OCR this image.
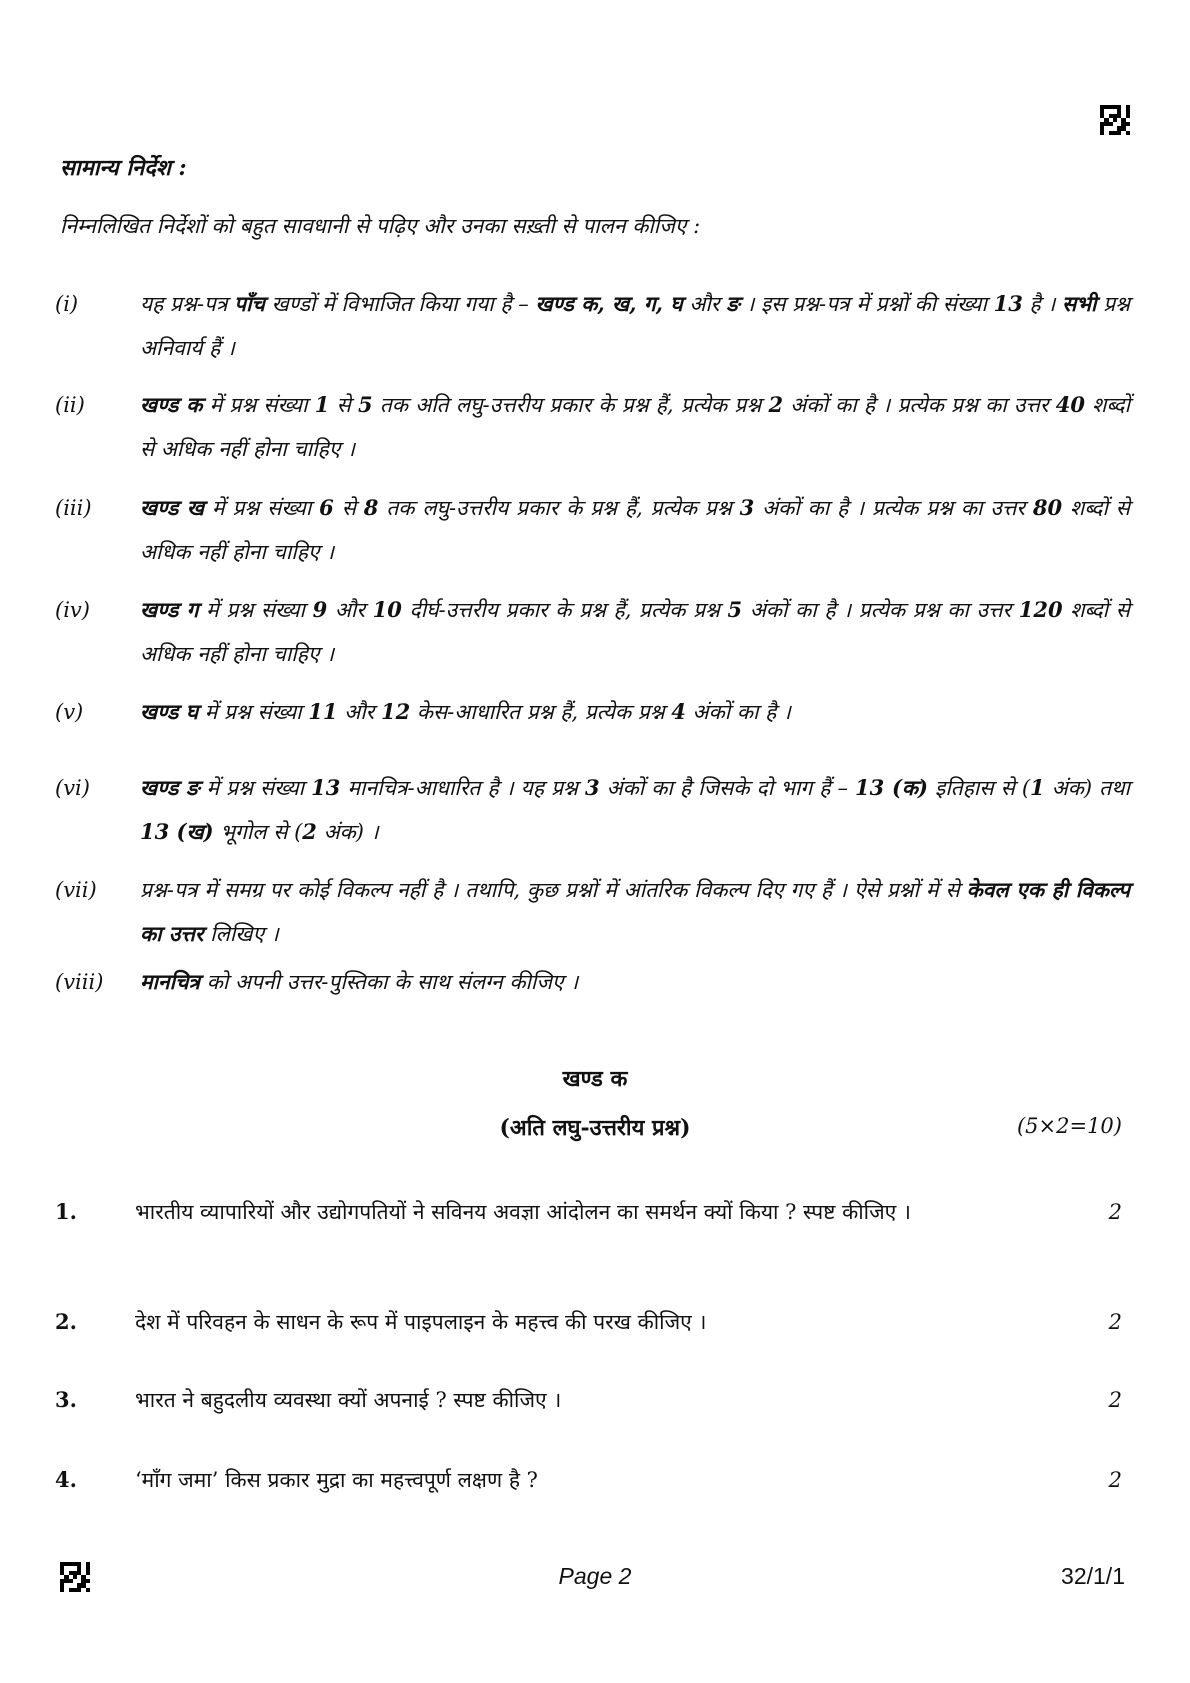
सामान्य निर्देश :
निम्नलिखित निर्देशों को बहुत सावधानी से पढ़िए और उनका सख़्ती से पालन कीजिए :
(i)	यह प्रश्न-पत्र पाँच खण्डों में विभाजित किया गया है – खण्ड क, ख, ग, घ और ङ । इस प्रश्न-पत्र में प्रश्नों की संख्या 13 है । सभी प्रश्न अनिवार्य हैं ।
(ii)	खण्ड क में प्रश्न संख्या 1 से 5 तक अति लघु-उत्तरीय प्रकार के प्रश्न हैं, प्रत्येक प्रश्न 2 अंकों का है । प्रत्येक प्रश्न का उत्तर 40 शब्दों से अधिक नहीं होना चाहिए ।
(iii)	खण्ड ख में प्रश्न संख्या 6 से 8 तक लघु-उत्तरीय प्रकार के प्रश्न हैं, प्रत्येक प्रश्न 3 अंकों का है । प्रत्येक प्रश्न का उत्तर 80 शब्दों से अधिक नहीं होना चाहिए ।
(iv)	खण्ड ग में प्रश्न संख्या 9 और 10 दीर्घ-उत्तरीय प्रकार के प्रश्न हैं, प्रत्येक प्रश्न 5 अंकों का है । प्रत्येक प्रश्न का उत्तर 120 शब्दों से अधिक नहीं होना चाहिए ।
(v)	खण्ड घ में प्रश्न संख्या 11 और 12 केस-आधारित प्रश्न हैं, प्रत्येक प्रश्न 4 अंकों का है ।
(vi)	खण्ड ङ में प्रश्न संख्या 13 मानचित्र-आधारित है । यह प्रश्न 3 अंकों का है जिसके दो भाग हैं – 13 (क) इतिहास से (1 अंक) तथा 13 (ख) भूगोल से (2 अंक) ।
(vii)	प्रश्न-पत्र में समग्र पर कोई विकल्प नहीं है । तथापि, कुछ प्रश्नों में आंतरिक विकल्प दिए गए हैं । ऐसे प्रश्नों में से केवल एक ही विकल्प का उत्तर लिखिए ।
(viii)	मानचित्र को अपनी उत्तर-पुस्तिका के साथ संलग्न कीजिए ।
खण्ड क
(अति लघु-उत्तरीय प्रश्न)	(5×2=10)
1.	भारतीय व्यापारियों और उद्योगपतियों ने सविनय अवज्ञा आंदोलन का समर्थन क्यों किया ? स्पष्ट कीजिए ।	2
2.	देश में परिवहन के साधन के रूप में पाइपलाइन के महत्त्व की परख कीजिए ।	2
3.	भारत ने बहुदलीय व्यवस्था क्यों अपनाई ? स्पष्ट कीजिए ।	2
4.	‘माँग जमा’ किस प्रकार मुद्रा का महत्त्वपूर्ण लक्षण है ?	2
Page 2	32/1/1
